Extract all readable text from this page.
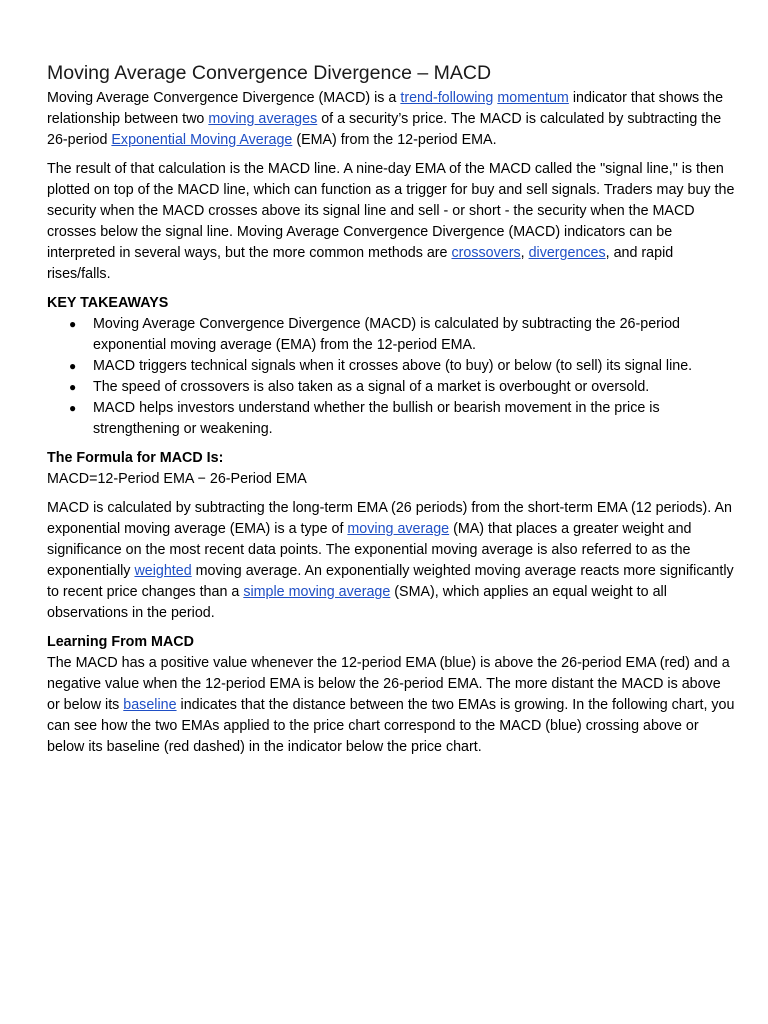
Moving Average Convergence Divergence – MACD

Moving Average Convergence Divergence (MACD) is a trend-following momentum indicator that shows the relationship between two moving averages of a security’s price. The MACD is calculated by subtracting the 26-period Exponential Moving Average (EMA) from the 12-period EMA.

The result of that calculation is the MACD line. A nine-day EMA of the MACD called the "signal line," is then plotted on top of the MACD line, which can function as a trigger for buy and sell signals. Traders may buy the security when the MACD crosses above its signal line and sell - or short - the security when the MACD crosses below the signal line. Moving Average Convergence Divergence (MACD) indicators can be interpreted in several ways, but the more common methods are crossovers, divergences, and rapid rises/falls.

KEY TAKEAWAYS
● Moving Average Convergence Divergence (MACD) is calculated by subtracting the 26-period exponential moving average (EMA) from the 12-period EMA.
● MACD triggers technical signals when it crosses above (to buy) or below (to sell) its signal line.
● The speed of crossovers is also taken as a signal of a market is overbought or oversold.
● MACD helps investors understand whether the bullish or bearish movement in the price is strengthening or weakening.
The Formula for MACD Is:

MACD=12-Period EMA − 26-Period EMA

MACD is calculated by subtracting the long-term EMA (26 periods) from the short-term EMA (12 periods). An exponential moving average (EMA) is a type of moving average (MA) that places a greater weight and significance on the most recent data points. The exponential moving average is also referred to as the exponentially weighted moving average. An exponentially weighted moving average reacts more significantly to recent price changes than a simple moving average (SMA), which applies an equal weight to all observations in the period.

Learning From MACD

The MACD has a positive value whenever the 12-period EMA (blue) is above the 26-period EMA (red) and a negative value when the 12-period EMA is below the 26-period EMA. The more distant the MACD is above or below its baseline indicates that the distance between the two EMAs is growing. In the following chart, you can see how the two EMAs applied to the price chart correspond to the MACD (blue) crossing above or below its baseline (red dashed) in the indicator below the price chart.
